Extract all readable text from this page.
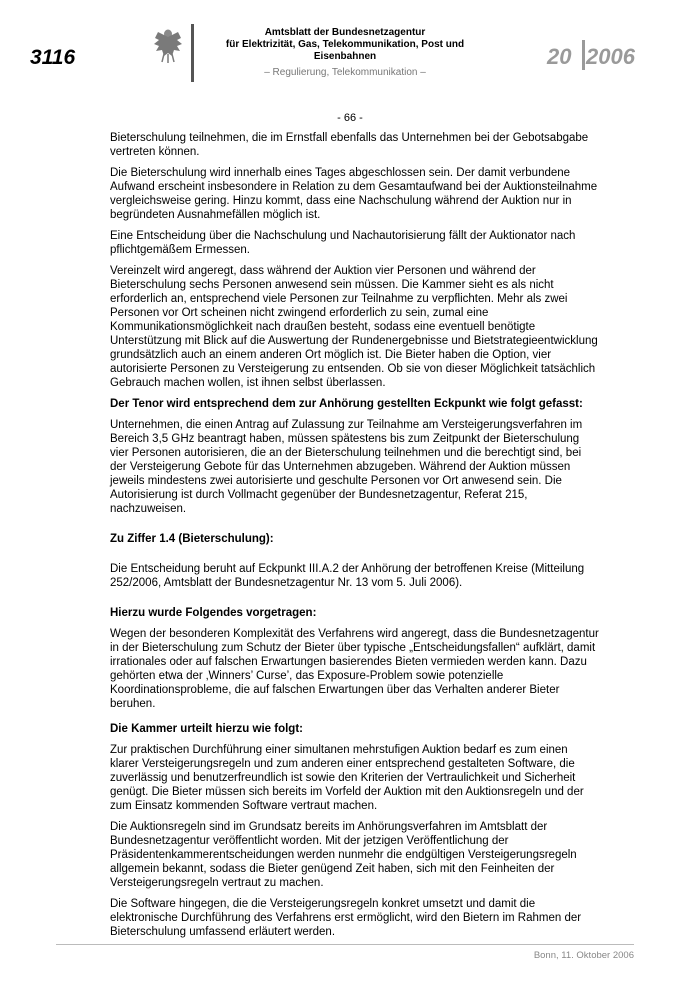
3116
Amtsblatt der Bundesnetzagentur
für Elektrizität, Gas, Telekommunikation, Post und Eisenbahnen
– Regulierung, Telekommunikation –
20 2006
- 66 -

Bieterschulung teilnehmen, die im Ernstfall ebenfalls das Unternehmen bei der Gebotsabgabe vertreten können.

Die Bieterschulung wird innerhalb eines Tages abgeschlossen sein. Der damit verbundene Aufwand erscheint insbesondere in Relation zu dem Gesamtaufwand bei der Auktionsteilnahme vergleichsweise gering. Hinzu kommt, dass eine Nachschulung während der Auktion nur in begründeten Ausnahmefällen möglich ist.

Eine Entscheidung über die Nachschulung und Nachautorisierung fällt der Auktionator nach pflichtgemäßem Ermessen.

Vereinzelt wird angeregt, dass während der Auktion vier Personen und während der Bieterschulung sechs Personen anwesend sein müssen. Die Kammer sieht es als nicht erforderlich an, entsprechend viele Personen zur Teilnahme zu verpflichten. Mehr als zwei Personen vor Ort scheinen nicht zwingend erforderlich zu sein, zumal eine Kommunikationsmöglichkeit nach draußen besteht, sodass eine eventuell benötigte Unterstützung mit Blick auf die Auswertung der Rundenergebnisse und Bietstrategieentwicklung grundsätzlich auch an einem anderen Ort möglich ist. Die Bieter haben die Option, vier autorisierte Personen zu Versteigerung zu entsenden. Ob sie von dieser Möglichkeit tatsächlich Gebrauch machen wollen, ist ihnen selbst überlassen.

Der Tenor wird entsprechend dem zur Anhörung gestellten Eckpunkt wie folgt gefasst:

Unternehmen, die einen Antrag auf Zulassung zur Teilnahme am Versteigerungsverfahren im Bereich 3,5 GHz beantragt haben, müssen spätestens bis zum Zeitpunkt der Bieterschulung vier Personen autorisieren, die an der Bieterschulung teilnehmen und die berechtigt sind, bei der Versteigerung Gebote für das Unternehmen abzugeben. Während der Auktion müssen jeweils mindestens zwei autorisierte und geschulte Personen vor Ort anwesend sein. Die Autorisierung ist durch Vollmacht gegenüber der Bundesnetzagentur, Referat 215, nachzuweisen.

Zu Ziffer 1.4 (Bieterschulung):

Die Entscheidung beruht auf Eckpunkt III.A.2 der Anhörung der betroffenen Kreise (Mitteilung 252/2006, Amtsblatt der Bundesnetzagentur Nr. 13 vom 5. Juli 2006).

Hierzu wurde Folgendes vorgetragen:

Wegen der besonderen Komplexität des Verfahrens wird angeregt, dass die Bundesnetzagentur in der Bieterschulung zum Schutz der Bieter über typische „Entscheidungsfallen“ aufklärt, damit irrationales oder auf falschen Erwartungen basierendes Bieten vermieden werden kann. Dazu gehörten etwa der ‚Winners’ Curse’, das Exposure-Problem sowie potenzielle Koordinationsprobleme, die auf falschen Erwartungen über das Verhalten anderer Bieter beruhen.

Die Kammer urteilt hierzu wie folgt:

Zur praktischen Durchführung einer simultanen mehrstufigen Auktion bedarf es zum einen klarer Versteigerungsregeln und zum anderen einer entsprechend gestalteten Software, die zuverlässig und benutzerfreundlich ist sowie den Kriterien der Vertraulichkeit und Sicherheit genügt. Die Bieter müssen sich bereits im Vorfeld der Auktion mit den Auktionsregeln und der zum Einsatz kommenden Software vertraut machen.

Die Auktionsregeln sind im Grundsatz bereits im Anhörungsverfahren im Amtsblatt der Bundesnetzagentur veröffentlicht worden. Mit der jetzigen Veröffentlichung der Präsidentenkammerentscheidungen werden nunmehr die endgültigen Versteigerungsregeln allgemein bekannt, sodass die Bieter genügend Zeit haben, sich mit den Feinheiten der Versteigerungsregeln vertraut zu machen.

Die Software hingegen, die die Versteigerungsregeln konkret umsetzt und damit die elektronische Durchführung des Verfahrens erst ermöglicht, wird den Bietern im Rahmen der Bieterschulung umfassend erläutert werden.

Bonn, 11. Oktober 2006
